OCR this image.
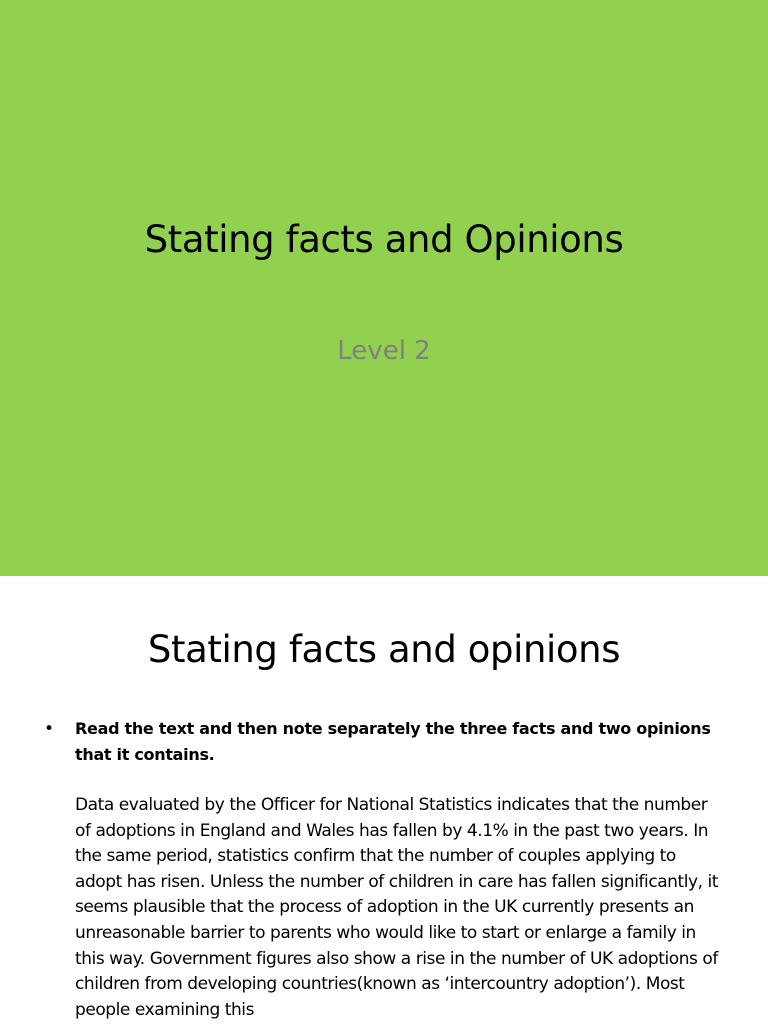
Stating facts and Opinions
Level 2
Stating facts and opinions
• Read the text and then note separately the three facts and two opinions that it contains.
Data evaluated by the Officer for National Statistics indicates that the number of adoptions in England and Wales has fallen by 4.1% in the past two years. In the same period, statistics confirm that the number of couples applying to adopt has risen. Unless the number of children in care has fallen significantly, it seems plausible that the process of adoption in the UK currently presents an unreasonable barrier to parents who would like to start or enlarge a family in this way. Government figures also show a rise in the number of UK adoptions of children from developing countries(known as ‘intercountry adoption’). Most people examining this
